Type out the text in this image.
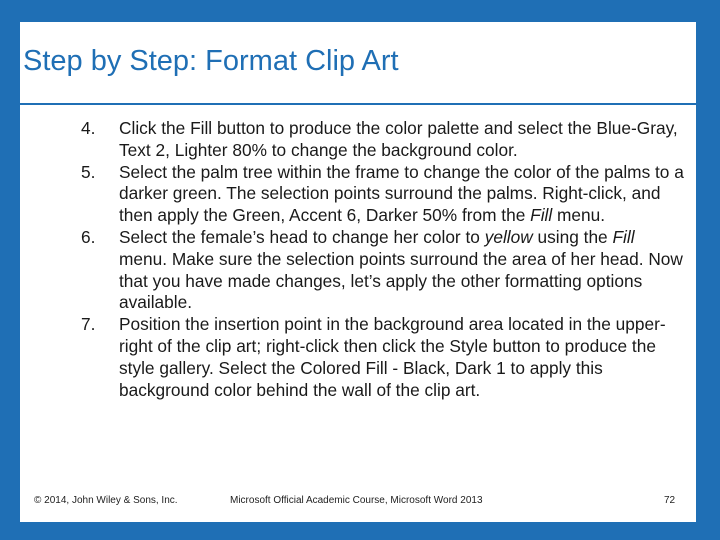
Step by Step: Format Clip Art
4. Click the Fill button to produce the color palette and select the Blue-Gray, Text 2, Lighter 80% to change the background color.
5. Select the palm tree within the frame to change the color of the palms to a darker green. The selection points surround the palms. Right-click, and then apply the Green, Accent 6, Darker 50% from the Fill menu.
6. Select the female’s head to change her color to yellow using the Fill menu. Make sure the selection points surround the area of her head. Now that you have made changes, let’s apply the other formatting options available.
7. Position the insertion point in the background area located in the upper-right of the clip art; right-click then click the Style button to produce the style gallery. Select the Colored Fill - Black, Dark 1 to apply this background color behind the wall of the clip art.
© 2014, John Wiley & Sons, Inc.	Microsoft Official Academic Course, Microsoft Word 2013	72
